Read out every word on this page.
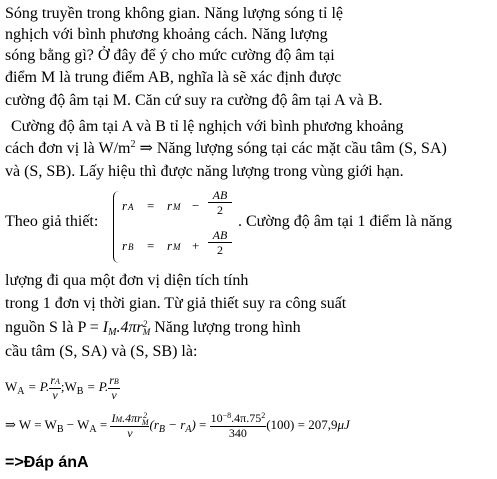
Sóng truyền trong không gian. Năng lượng sóng tỉ lệ
nghịch với bình phương khoảng cách. Năng lượng
sóng bằng gì? Ở đây để ý cho mức cường độ âm tại
điểm M là trung điểm AB, nghĩa là sẽ xác định được
cường độ âm tại M. Căn cứ suy ra cường độ âm tại A và B.
Cường độ âm tại A và B tỉ lệ nghịch với bình phương khoảng
cách đơn vị là $W/m^2$ ⇒ Năng lượng sóng tại các mặt cầu tâm (S, SA)
và (S, SB). Lấy hiệu thì được năng lượng trong vùng giới hạn.
Theo giả thiết:
r A = r $M - \frac{AB}{2}$
r B = r $M + \frac{AB}{2}$
. Cường độ âm tại 1 điểm là năng
lượng đi qua một đơn vị diện tích tính
trong 1 đơn vị thời gian. Từ giả thiết suy ra công suất
nguồn S là P = IM.4πr 2
M Năng lượng trong hình
cầu tâm (S, SA) và (S, SB) là:
$W_A = P$. $\frac{rA}{v}$ $;W_B = P$. $\frac{rB}{v}$
⇒ $W = W_B - W_A = IM.4\pi r$ 2
M
v $(r_B - r_A) = \frac{10^{-8}.4\pi.75^2}{340} (100) = 207,9\mu J$
=>Đáp ánA
